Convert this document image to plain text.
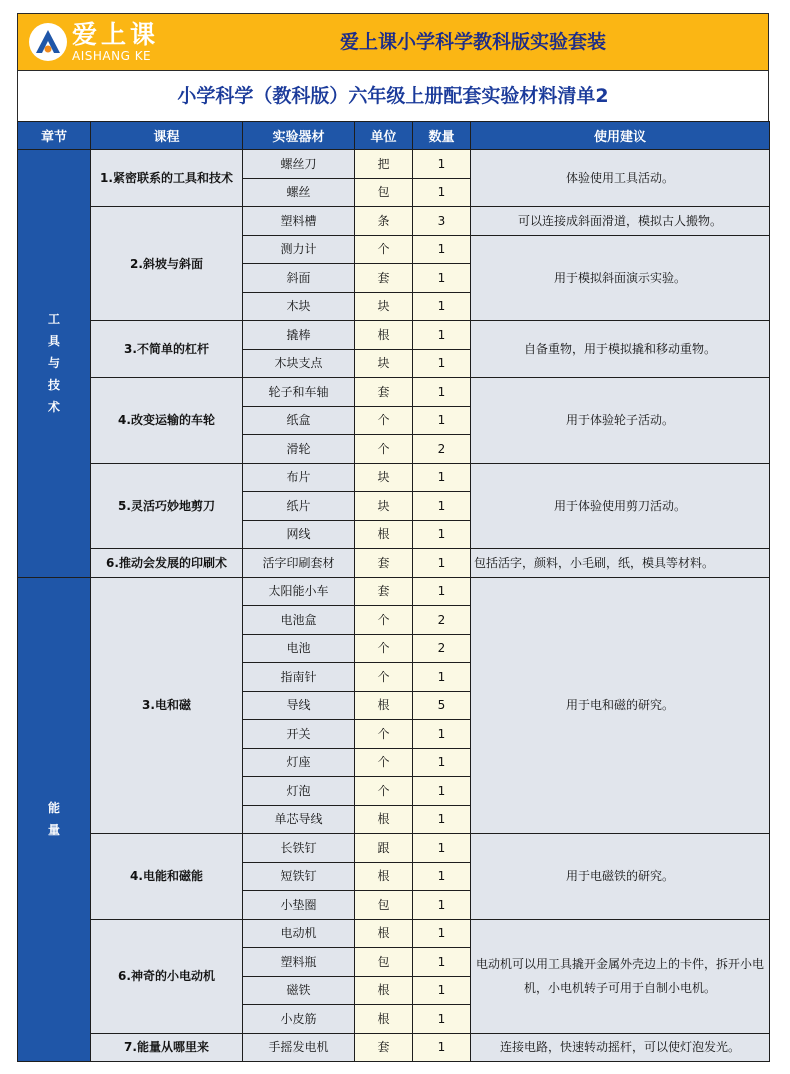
爱上课
AISHANG KE
爱上课小学科学教科版实验套装
小学科学（教科版）六年级上册配套实验材料清单2
章节	课程	实验器材	单位	数量	使用建议

工
具
与
技
术	1.紧密联系的工具和技术	螺丝刀	把	1	体验使用工具活动。
		螺丝	包	1	
	2.斜坡与斜面	塑料槽	条	3	可以连接成斜面滑道，模拟古人搬物。
		测力计	个	1	用于模拟斜面演示实验。
		斜面	套	1	
		木块	块	1	
	3.不简单的杠杆	撬棒	根	1	自备重物，用于模拟撬和移动重物。
		木块支点	块	1	
	4.改变运输的车轮	轮子和车轴	套	1	用于体验轮子活动。
		纸盒	个	1	
		滑轮	个	2	
	5.灵活巧妙地剪刀	布片	块	1	用于体验使用剪刀活动。
		纸片	块	1	
		网线	根	1	
	6.推动会发展的印刷术	活字印刷套材	套	1	包括活字，颜料，小毛刷，纸，模具等材料。

能
量	3.电和磁	太阳能小车	套	1	用于电和磁的研究。
		电池盒	个	2	
		电池	个	2	
		指南针	个	1	
		导线	根	5	
		开关	个	1	
		灯座	个	1	
		灯泡	个	1	
		单芯导线	根	1	
	4.电能和磁能	长铁钉	跟	1	用于电磁铁的研究。
		短铁钉	根	1	
		小垫圈	包	1	
	6.神奇的小电动机	电动机	根	1	电动机可以用工具撬开金属外壳边上的卡件，拆开小电机，小电机转子可用于自制小电机。
		塑料瓶	包	1	
		磁铁	根	1	
		小皮筋	根	1	
	7.能量从哪里来	手摇发电机	套	1	连接电路，快速转动摇杆，可以使灯泡发光。
